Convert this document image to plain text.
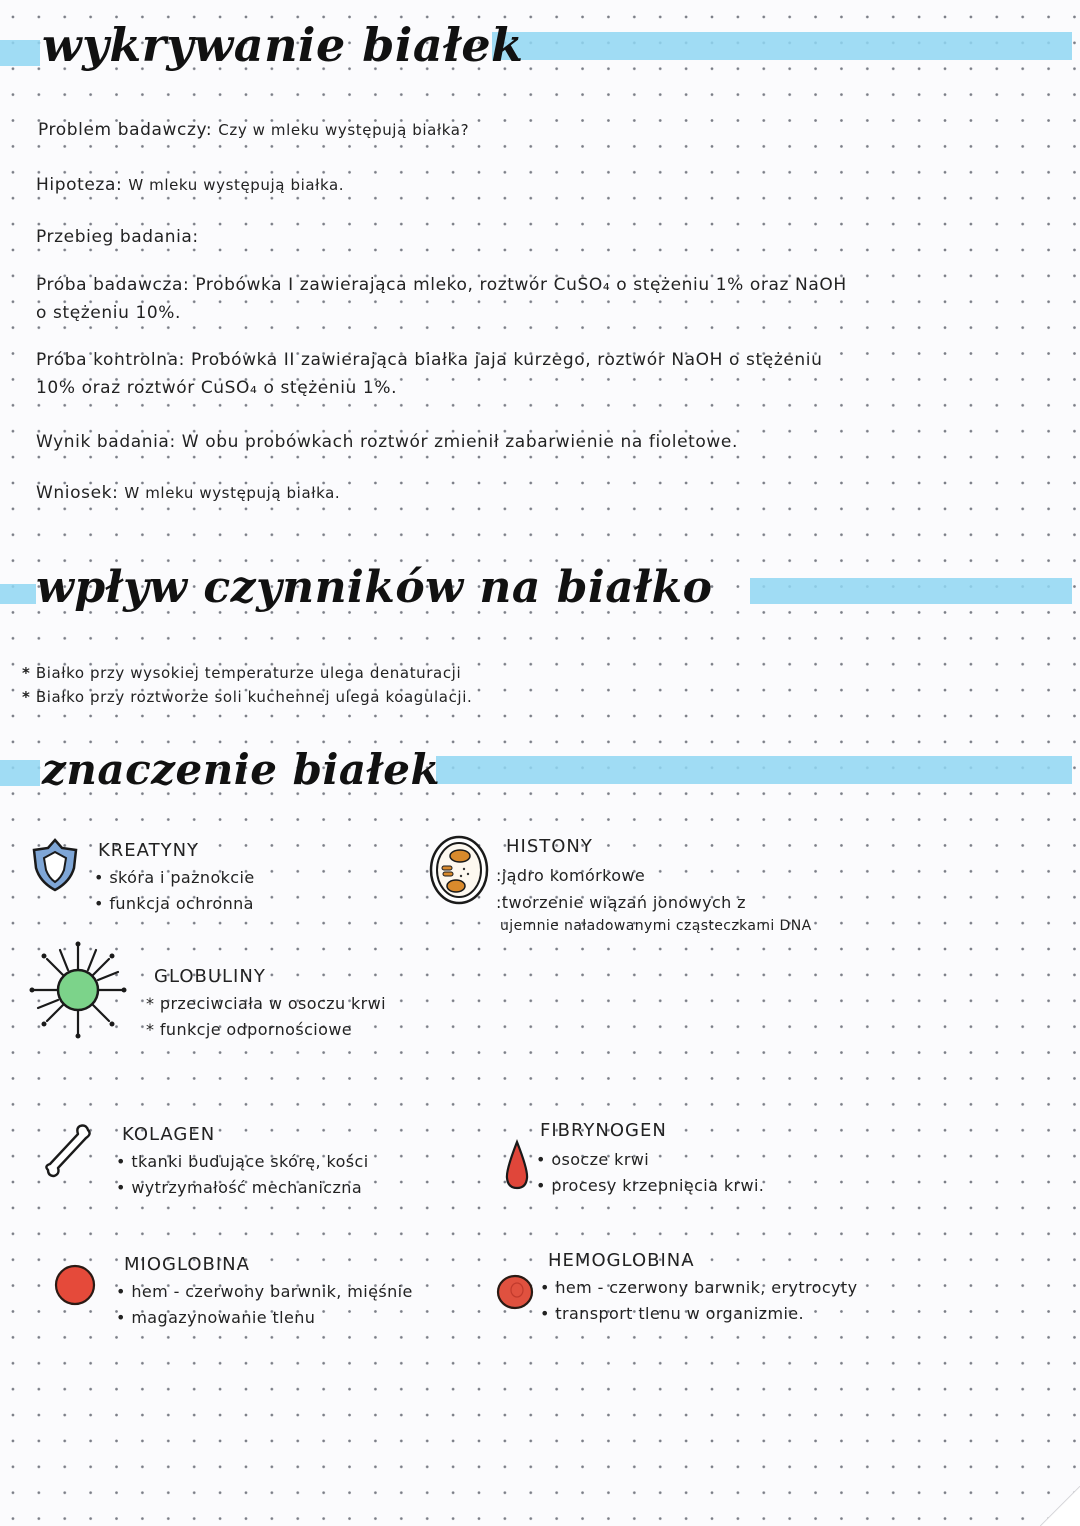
wykrywanie białek
Problem badawczy: Czy w mleku występują białka?
Hipoteza: W mleku występują białka.
Przebieg badania:
Próba badawcza: Probówka I zawierająca mleko, roztwór CuSO₄ o stężeniu 1% oraz NaOH
o stężeniu 10%.
Próba kontrolna: Probówka II zawierająca białka jaja kurzego, roztwór NaOH o stężeniu
10% oraz roztwór CuSO₄ o stężeniu 1%.
Wynik badania: W obu probówkach roztwór zmienił zabarwienie na fioletowe.
Wniosek: W mleku występują białka.
wpływ czynników na białko
* Białko przy wysokiej temperaturze ulega denaturacji
* Białko przy roztworze soli kuchennej ulega koagulacji.
znaczenie białek
KREATYNY
• skóra i paznokcie
• funkcja ochronna
HISTONY
:jądro komórkowe
:tworzenie wiązań jonowych z
ujemnie naładowanymi cząsteczkami DNA
GLOBULINY
* przeciwciała w osoczu krwi
* funkcje odpornościowe
KOLAGEN
• tkanki budujące skórę, kości
• wytrzymałość mechaniczna
FIBRYNOGEN
• osocze krwi
• procesy krzepnięcia krwi.
MIOGLOBINA
• hem - czerwony barwnik, mięśnie
• magazynowanie tlenu
HEMOGLOBINA
• hem - czerwony barwnik, erytrocyty
• transport tlenu w organizmie.
